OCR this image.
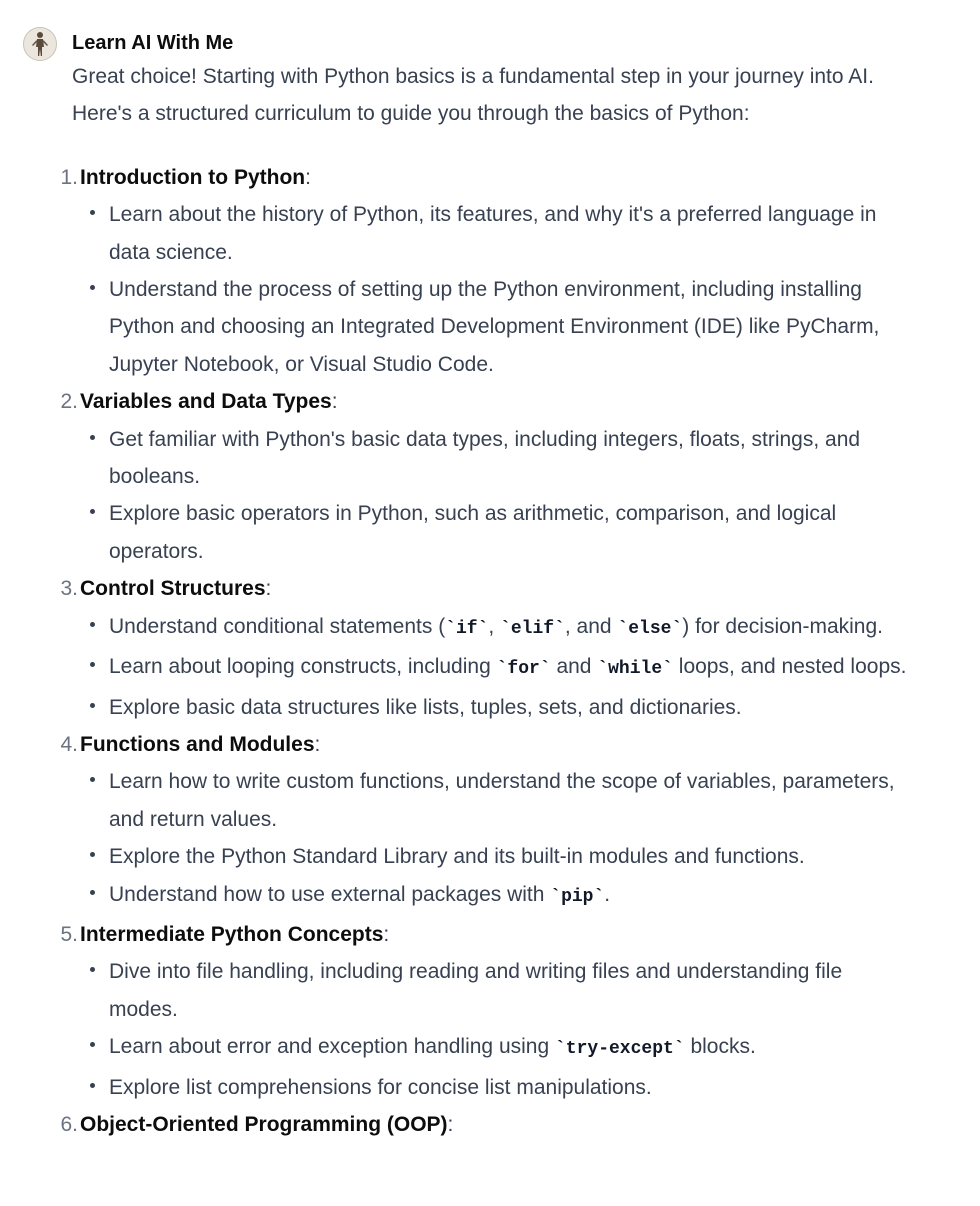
Learn AI With Me

Great choice! Starting with Python basics is a fundamental step in your journey into AI.

Here's a structured curriculum to guide you through the basics of Python:

1. Introduction to Python:
Learn about the history of Python, its features, and why it's a preferred language in data science.
Understand the process of setting up the Python environment, including installing Python and choosing an Integrated Development Environment (IDE) like PyCharm, Jupyter Notebook, or Visual Studio Code.
2. Variables and Data Types:
Get familiar with Python's basic data types, including integers, floats, strings, and booleans.
Explore basic operators in Python, such as arithmetic, comparison, and logical operators.
3. Control Structures:
Understand conditional statements (`if`, `elif`, and `else`) for decision-making.
Learn about looping constructs, including `for` and `while` loops, and nested loops.
Explore basic data structures like lists, tuples, sets, and dictionaries.
4. Functions and Modules:
Learn how to write custom functions, understand the scope of variables, parameters, and return values.
Explore the Python Standard Library and its built-in modules and functions.
Understand how to use external packages with `pip`.
5. Intermediate Python Concepts:
Dive into file handling, including reading and writing files and understanding file modes.
Learn about error and exception handling using `try-except` blocks.
Explore list comprehensions for concise list manipulations.
6. Object-Oriented Programming (OOP):
